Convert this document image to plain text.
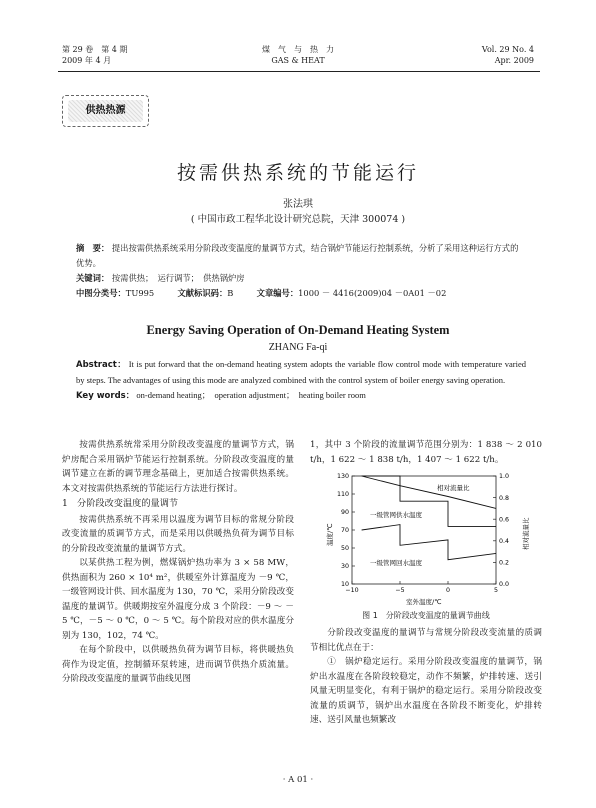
第 29 卷　第 4 期
2009 年 4 月
煤　气　与　热　力
GAS & HEAT
Vol. 29 No. 4
Apr. 2009
供热热源
按需供热系统的节能运行
张法琪
( 中国市政工程华北设计研究总院，天津 300074 )
摘　要： 提出按需供热系统采用分阶段改变温度的量调节方式，结合锅炉节能运行控制系统，分析了采用这种运行方式的优势。
关键词： 按需供热；　运行调节；　供热锅炉房
中图分类号：TU995	文献标识码：B	文章编号：1000 － 4416(2009)04 －0A01 －02
Energy Saving Operation of On-Demand Heating System
ZHANG Fa-qi
Abstract： It is put forward that the on-demand heating system adopts the variable flow control mode with temperature varied by steps. The advantages of using this mode are analyzed combined with the control system of boiler energy saving operation.
Key words： on-demand heating；　operation adjustment；　heating boiler room

按需供热系统常采用分阶段改变温度的量调节方式，锅炉房配合采用锅炉节能运行控制系统。分阶段改变温度的量调节建立在新的调节理念基础上，更加适合按需供热系统。本文对按需供热系统的节能运行方法进行探讨。

1　分阶段改变温度的量调节

按需供热系统不再采用以温度为调节目标的常规分阶段改变流量的质调节方式，而是采用以供暖热负荷为调节目标的分阶段改变流量的量调节方式。

以某供热工程为例，燃煤锅炉热功率为 3 × 58 MW，供热面积为 260 × 10⁴ m²，供暖室外计算温度为 －9 ℃，一级管网设计供、回水温度为 130，70 ℃，采用分阶段改变温度的量调节。供暖期按室外温度分成 3 个阶段：－9 ～ －5 ℃，－5 ～ 0 ℃，0 ～ 5 ℃。每个阶段对应的供水温度分别为 130，102，74 ℃。

在每个阶段中，以供暖热负荷为调节目标，将供暖热负荷作为设定值，控制循环泵转速，进而调节供热介质流量。分阶段改变温度的量调节曲线见图

1，其中 3 个阶段的流量调节范围分别为：1 838 ～ 2 010 t/h，1 622 ～ 1 838 t/h，1 407 ～ 1 622 t/h。

10
30
50
70
90
110
130
0.0
0.2
0.4
0.6
0.8
1.0
−10	−5	0	5
相对流量比
一级管网供水温度
一级管网回水温度
温度/℃	相对流量比
室外温度/℃
图 1　分阶段改变温度的量调节曲线

分阶段改变温度的量调节与常规分阶段改变流量的质调节相比优点在于：

①　锅炉稳定运行。采用分阶段改变温度的量调节，锅炉出水温度在各阶段较稳定，动作不频繁，炉排转速、送引风量无明显变化，有利于锅炉的稳定运行。采用分阶段改变流量的质调节，锅炉出水温度在各阶段不断变化，炉排转速、送引风量也频繁改

· A 01 ·
